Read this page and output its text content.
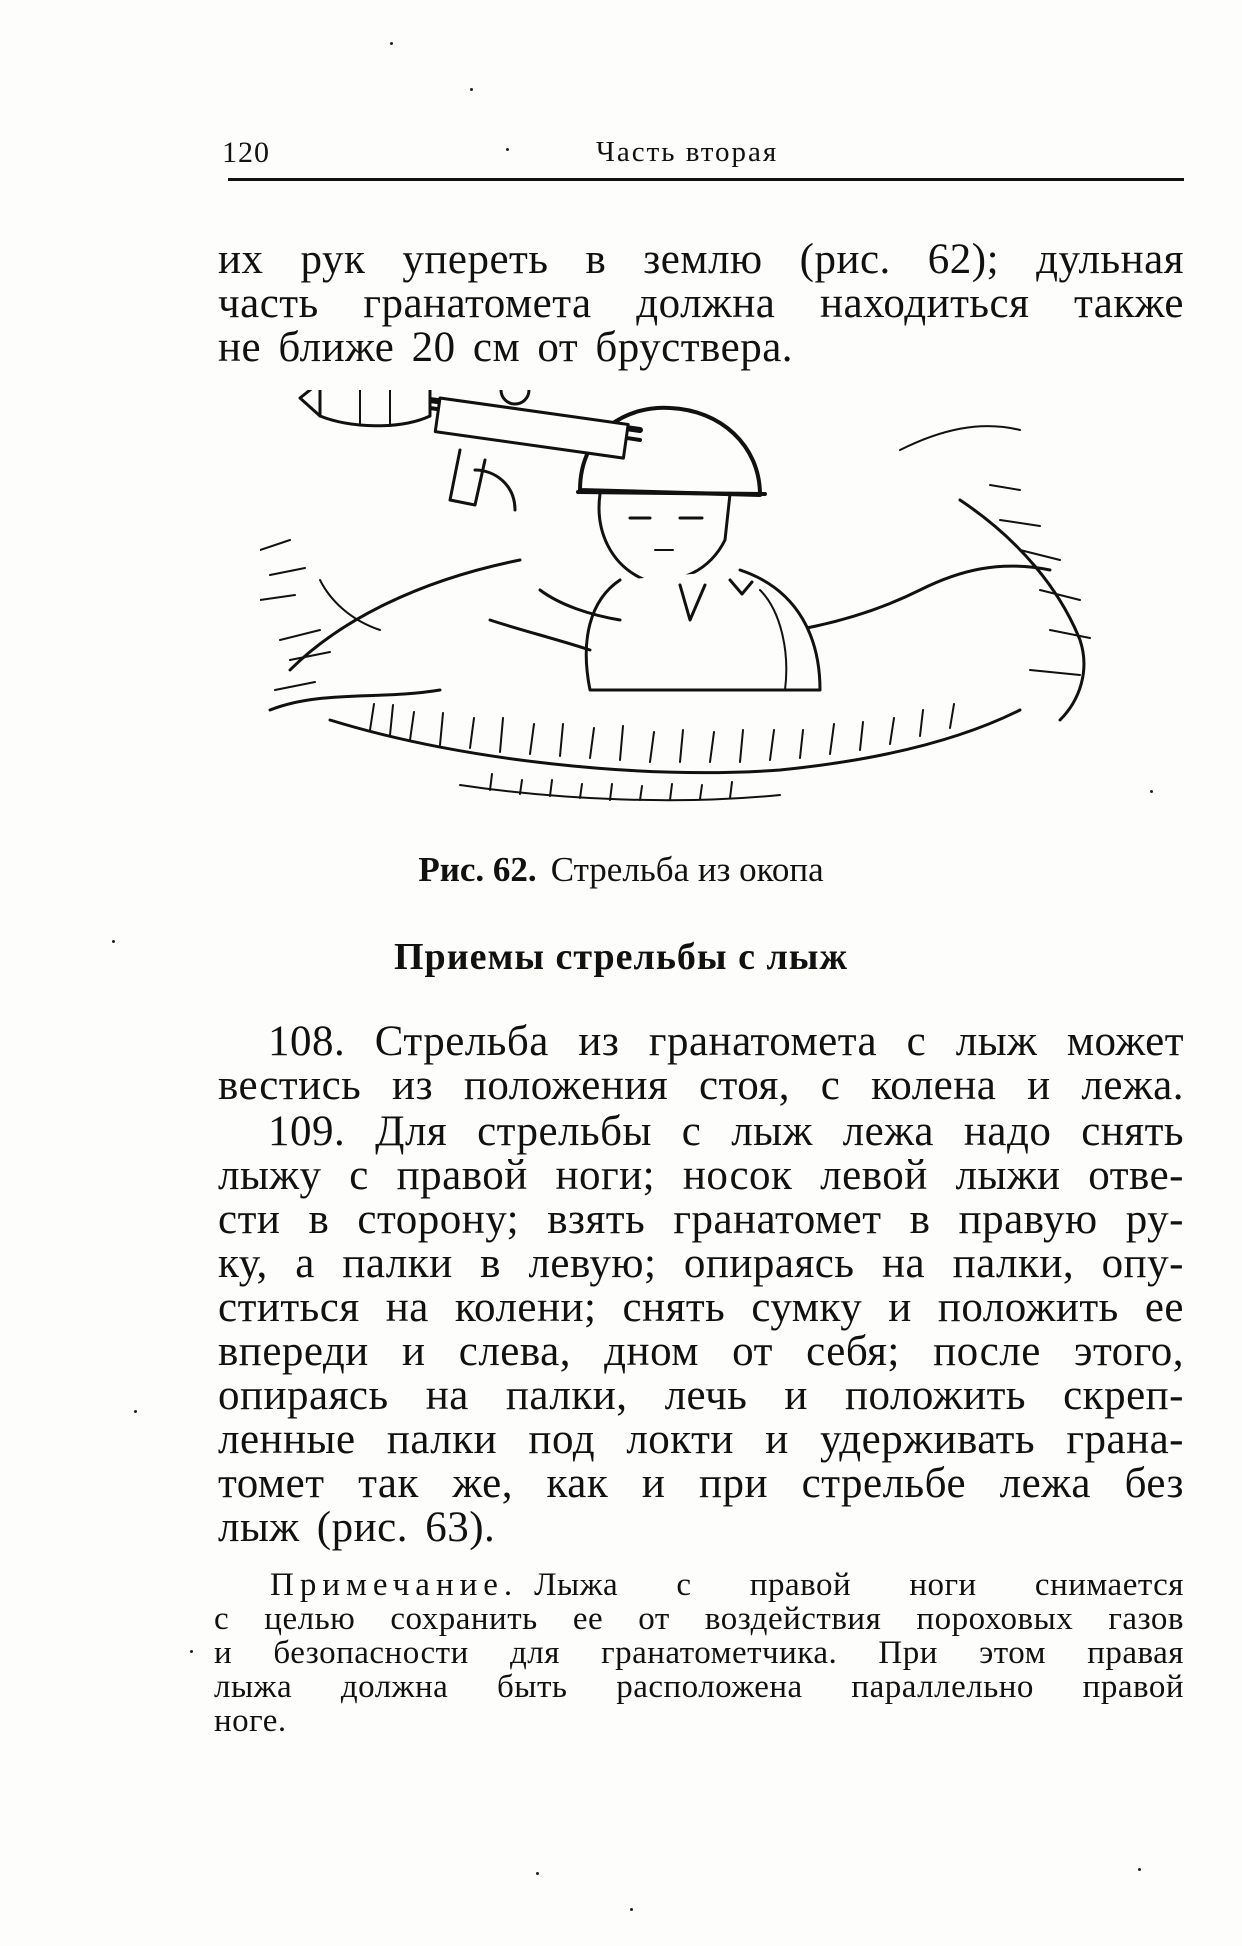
120	Часть вторая
их рук упереть в землю (рис. 62); дульная
часть гранатомета должна находиться также
не ближе 20 см от бруствера.
Рис. 62. Стрельба из окопа
Приемы стрельбы с лыж
108. Стрельба из гранатомета с лыж может
вестись из положения стоя, с колена и лежа.
109. Для стрельбы с лыж лежа надо снять
лыжу с правой ноги; носок левой лыжи отве-
сти в сторону; взять гранатомет в правую ру-
ку, а палки в левую; опираясь на палки, опу-
ститься на колени; снять сумку и положить ее
впереди и слева, дном от себя; после этого,
опираясь на палки, лечь и положить скреп-
ленные палки под локти и удерживать грана-
томет так же, как и при стрельбе лежа без
лыж (рис. 63).
Примечание. Лыжа с правой ноги снимается
с целью сохранить ее от воздействия пороховых газов
и безопасности для гранатометчика. При этом правая
лыжа должна быть расположена параллельно правой
ноге.
